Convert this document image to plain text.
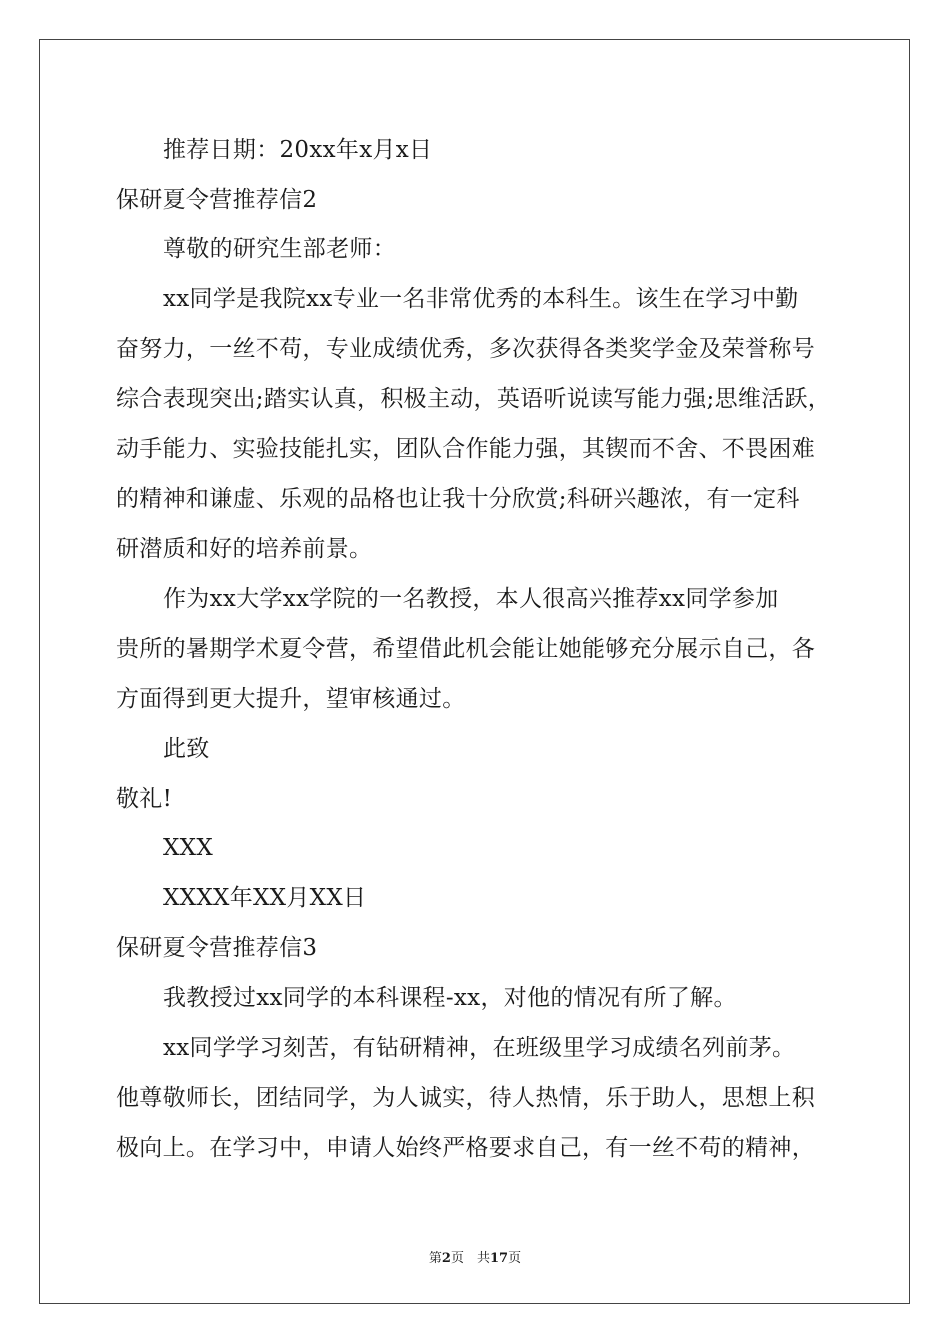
推荐日期：20xx年x月x日
保研夏令营推荐信2
尊敬的研究生部老师：
xx同学是我院xx专业一名非常优秀的本科生。该生在学习中勤
奋努力，一丝不苟，专业成绩优秀，多次获得各类奖学金及荣誉称号
综合表现突出;踏实认真，积极主动，英语听说读写能力强;思维活跃，
动手能力、实验技能扎实，团队合作能力强，其锲而不舍、不畏困难
的精神和谦虚、乐观的品格也让我十分欣赏;科研兴趣浓，有一定科
研潜质和好的培养前景。
作为xx大学xx学院的一名教授，本人很高兴推荐xx同学参加
贵所的暑期学术夏令营，希望借此机会能让她能够充分展示自己，各
方面得到更大提升，望审核通过。
此致
敬礼!
XXX
XXXX年XX月XX日
保研夏令营推荐信3
我教授过xx同学的本科课程-xx，对他的情况有所了解。
xx同学学习刻苦，有钻研精神，在班级里学习成绩名列前茅。
他尊敬师长，团结同学，为人诚实，待人热情，乐于助人，思想上积
极向上。在学习中，申请人始终严格要求自己，有一丝不苟的精神，
第2页　共17页
